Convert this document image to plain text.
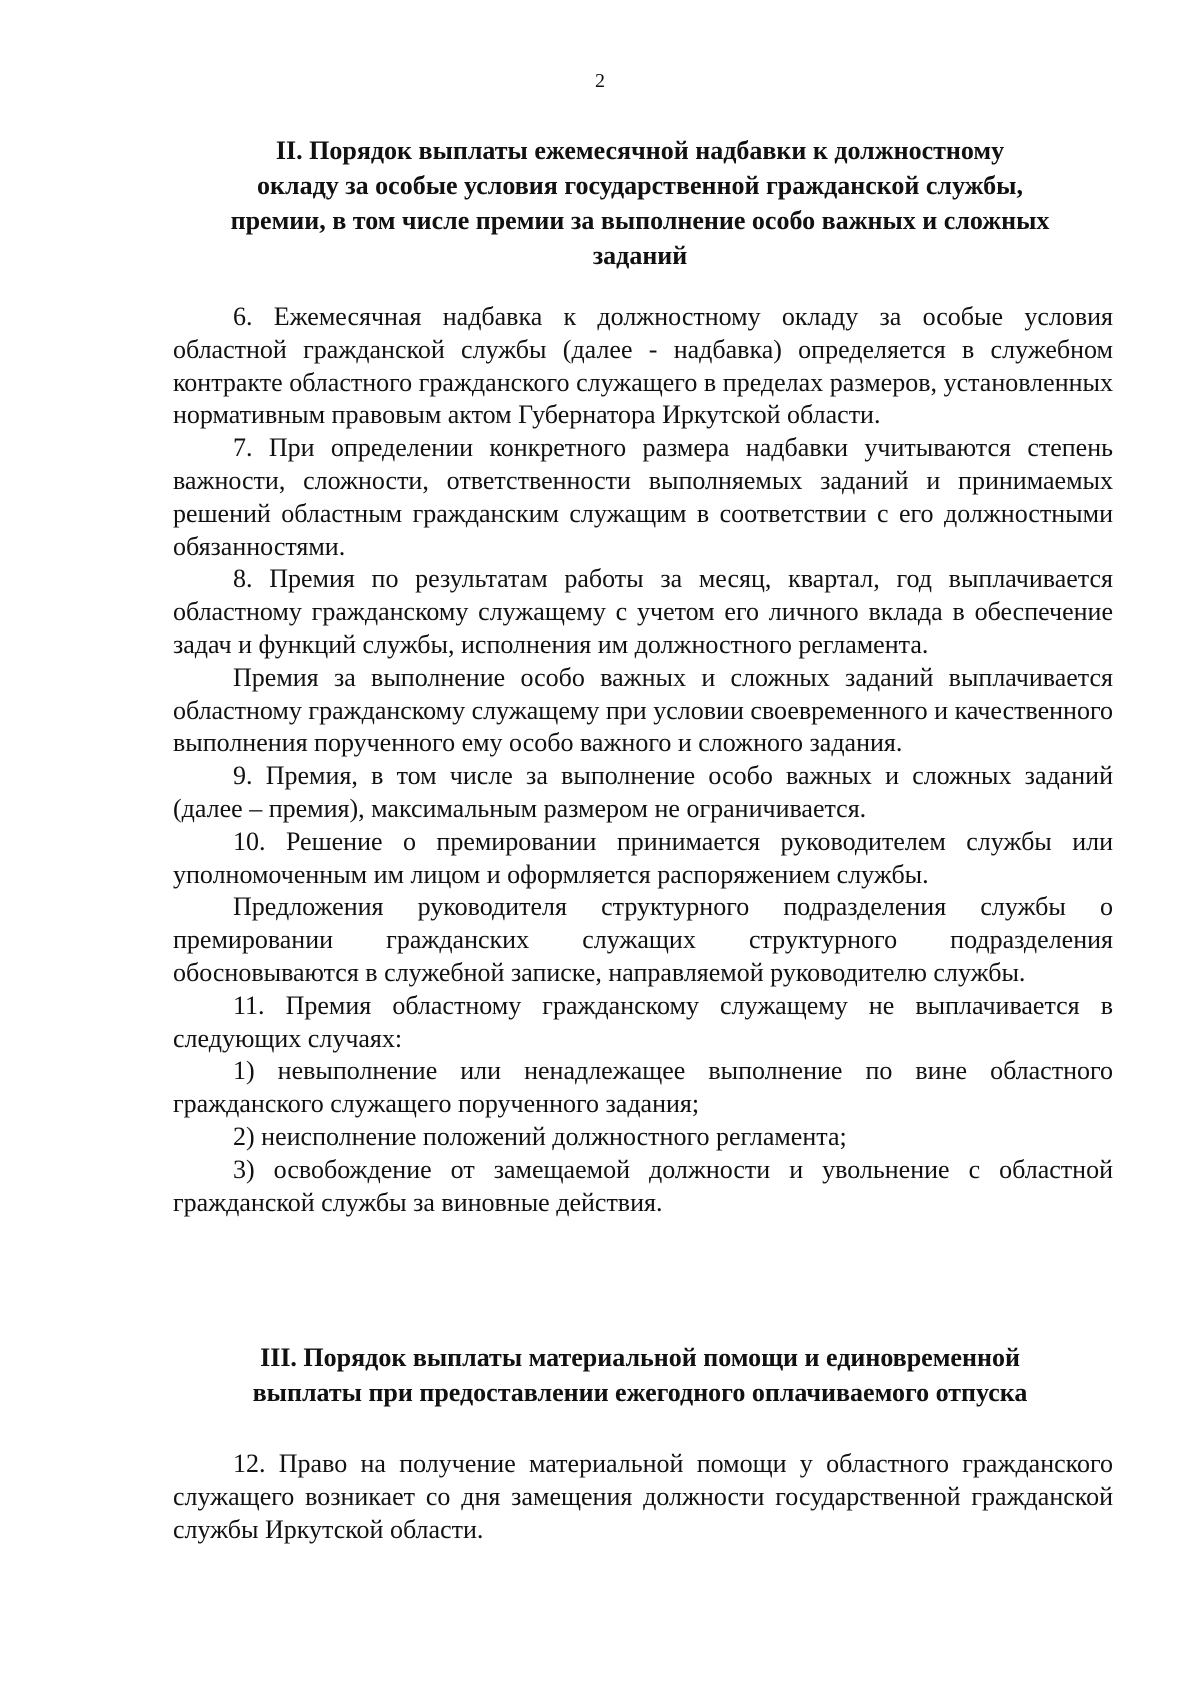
2
II. Порядок выплаты ежемесячной надбавки к должностному
окладу за особые условия государственной гражданской службы,
премии, в том числе премии за выполнение особо важных и сложных
заданий

6. Ежемесячная надбавка к должностному окладу за особые условия областной гражданской службы (далее - надбавка) определяется в служебном контракте областного гражданского служащего в пределах размеров, установленных нормативным правовым актом Губернатора Иркутской области.

7. При определении конкретного размера надбавки учитываются степень важности, сложности, ответственности выполняемых заданий и принимаемых решений областным гражданским служащим в соответствии с его должностными обязанностями.

8. Премия по результатам работы за месяц, квартал, год выплачивается областному гражданскому служащему с учетом его личного вклада в обеспечение задач и функций службы, исполнения им должностного регламента.

Премия за выполнение особо важных и сложных заданий выплачивается областному гражданскому служащему при условии своевременного и качественного выполнения порученного ему особо важного и сложного задания.

9. Премия, в том числе за выполнение особо важных и сложных заданий (далее – премия), максимальным размером не ограничивается.

10. Решение о премировании принимается руководителем службы или уполномоченным им лицом и оформляется распоряжением службы.

Предложения руководителя структурного подразделения службы о премировании гражданских служащих структурного подразделения обосновываются в служебной записке, направляемой руководителю службы.

11. Премия областному гражданскому служащему не выплачивается в следующих случаях:

1) невыполнение или ненадлежащее выполнение по вине областного гражданского служащего порученного задания;

2) неисполнение положений должностного регламента;

3) освобождение от замещаемой должности и увольнение с областной гражданской службы за виновные действия.

III. Порядок выплаты материальной помощи и единовременной
выплаты при предоставлении ежегодного оплачиваемого отпуска

12. Право на получение материальной помощи у областного гражданского служащего возникает со дня замещения должности государственной гражданской службы Иркутской области.
